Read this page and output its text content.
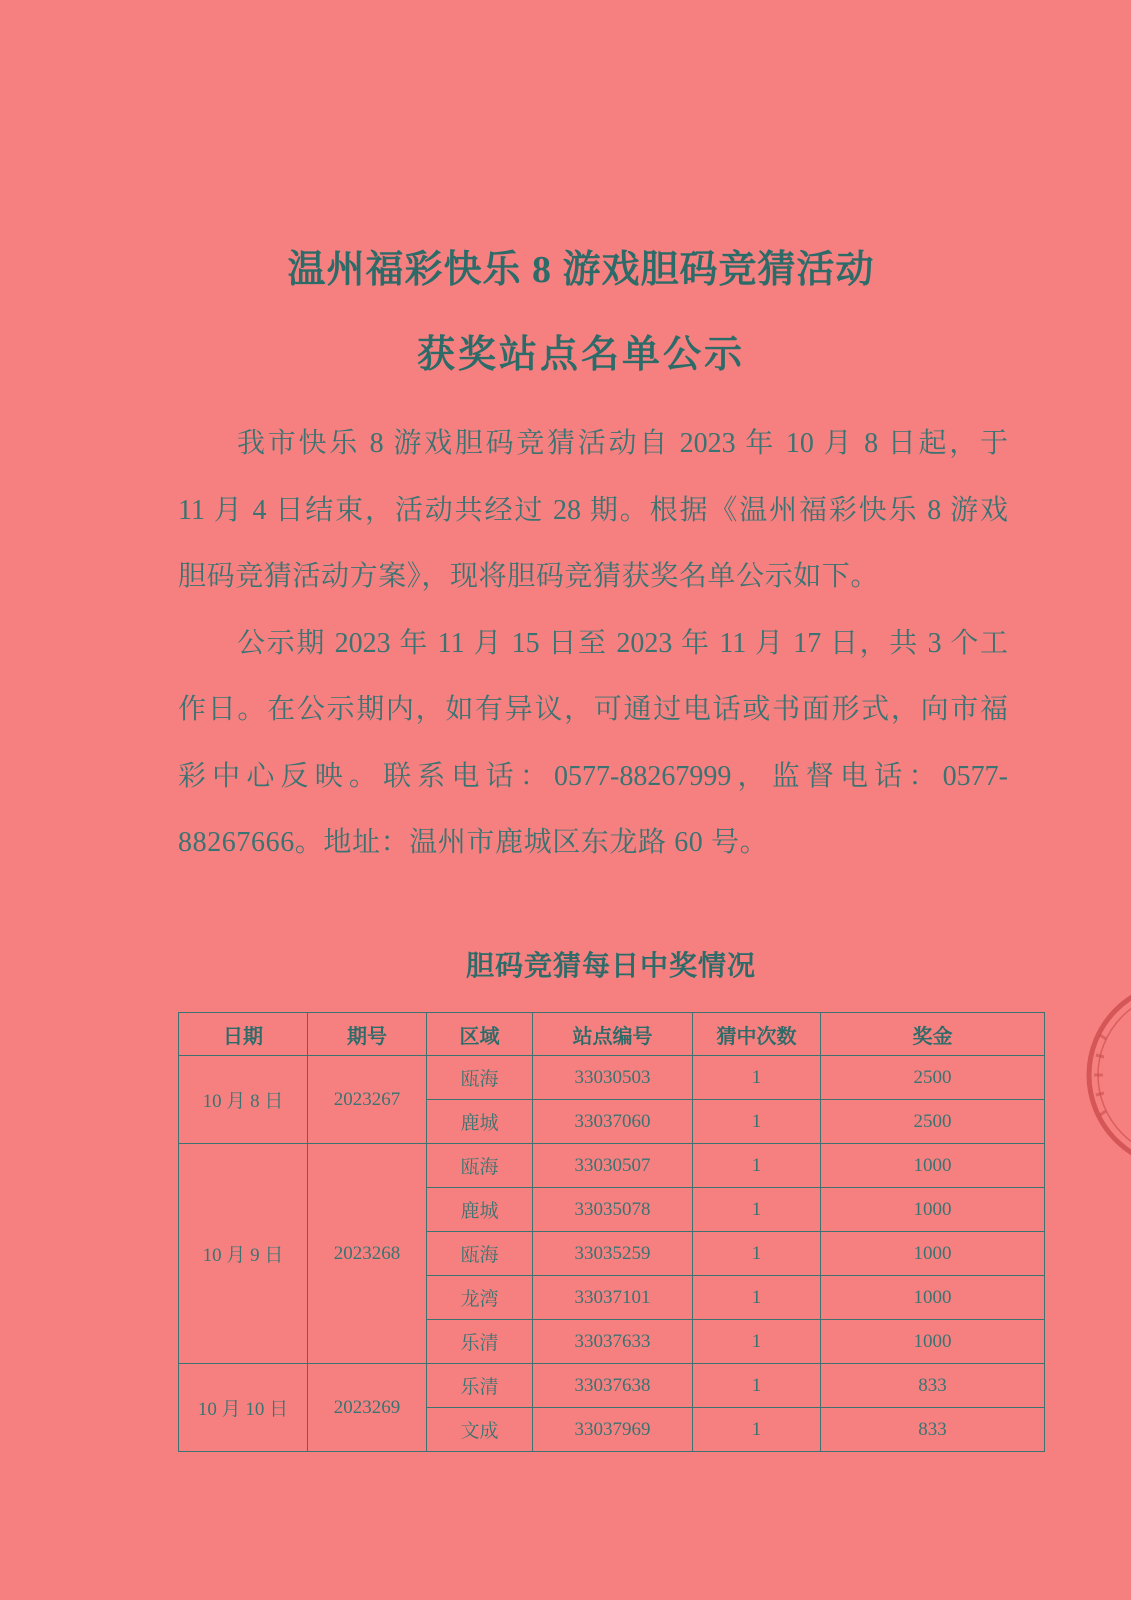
温州福彩快乐 8 游戏胆码竞猜活动
获奖站点名单公示
我市快乐 8 游戏胆码竞猜活动自 2023 年 10 月 8 日起，于
11 月 4 日结束，活动共经过 28 期。根据《温州福彩快乐 8 游戏
胆码竞猜活动方案》，现将胆码竞猜获奖名单公示如下。
公示期 2023 年 11 月 15 日至 2023 年 11 月 17 日，共 3 个工
作日。在公示期内，如有异议，可通过电话或书面形式，向市福
彩中心反映。联系电话：0577-88267999，监督电话：0577-
88267666。地址：温州市鹿城区东龙路 60 号。
胆码竞猜每日中奖情况
日期	期号	区域	站点编号	猜中次数	奖金
10 月 8 日	2023267	瓯海	33030503	1	2500
		鹿城	33037060	1	2500
10 月 9 日	2023268	瓯海	33030507	1	1000
		鹿城	33035078	1	1000
		瓯海	33035259	1	1000
		龙湾	33037101	1	1000
		乐清	33037633	1	1000
10 月 10 日	2023269	乐清	33037638	1	833
		文成	33037969	1	833
